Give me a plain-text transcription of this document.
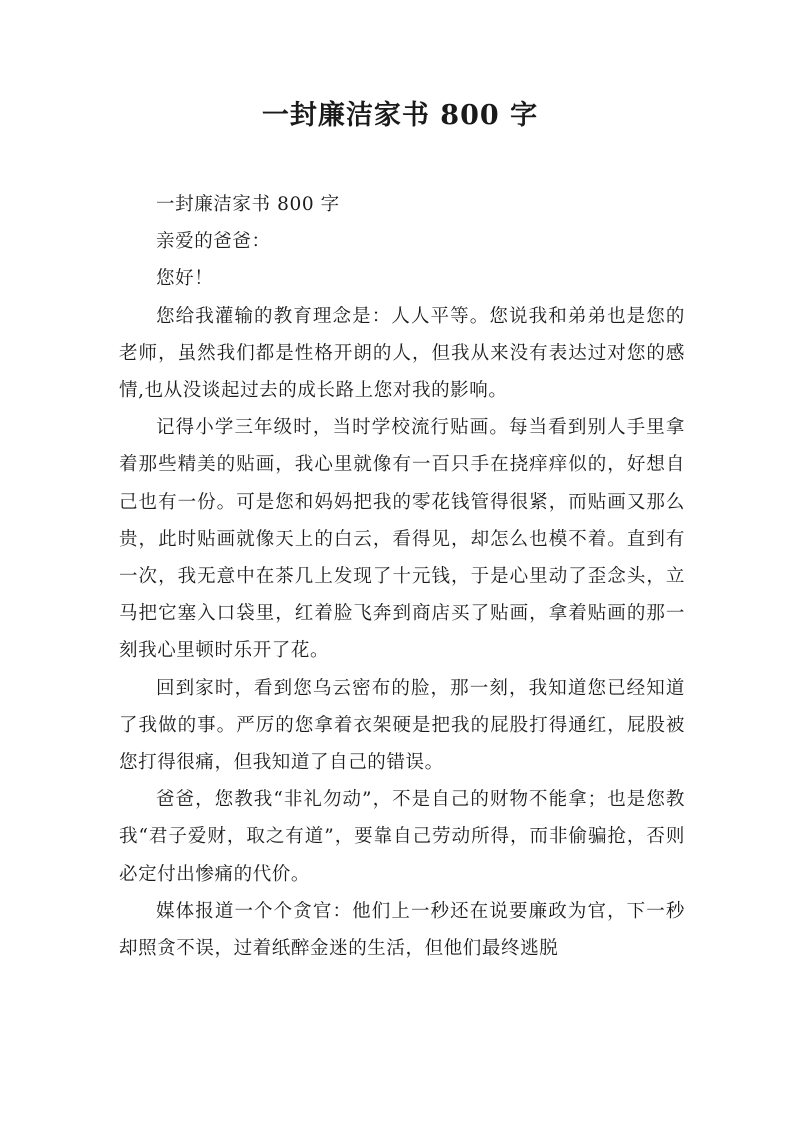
一封廉洁家书 800 字

一封廉洁家书 800 字

亲爱的爸爸：

您好！

您给我灌输的教育理念是：人人平等。您说我和弟弟也是您的老师，虽然我们都是性格开朗的人，但我从来没有表达过对您的感情,也从没谈起过去的成长路上您对我的影响。

记得小学三年级时，当时学校流行贴画。每当看到别人手里拿着那些精美的贴画，我心里就像有一百只手在挠痒痒似的，好想自己也有一份。可是您和妈妈把我的零花钱管得很紧，而贴画又那么贵，此时贴画就像天上的白云，看得见，却怎么也模不着。直到有一次，我无意中在茶几上发现了十元钱，于是心里动了歪念头，立马把它塞入口袋里，红着脸飞奔到商店买了贴画，拿着贴画的那一刻我心里顿时乐开了花。

回到家时，看到您乌云密布的脸，那一刻，我知道您已经知道了我做的事。严厉的您拿着衣架硬是把我的屁股打得通红，屁股被您打得很痛，但我知道了自己的错误。

爸爸，您教我“非礼勿动”，不是自己的财物不能拿；也是您教我“君子爱财，取之有道”，要靠自己劳动所得，而非偷骗抢，否则必定付出惨痛的代价。

媒体报道一个个贪官：他们上一秒还在说要廉政为官，下一秒却照贪不误，过着纸醉金迷的生活，但他们最终逃脱
